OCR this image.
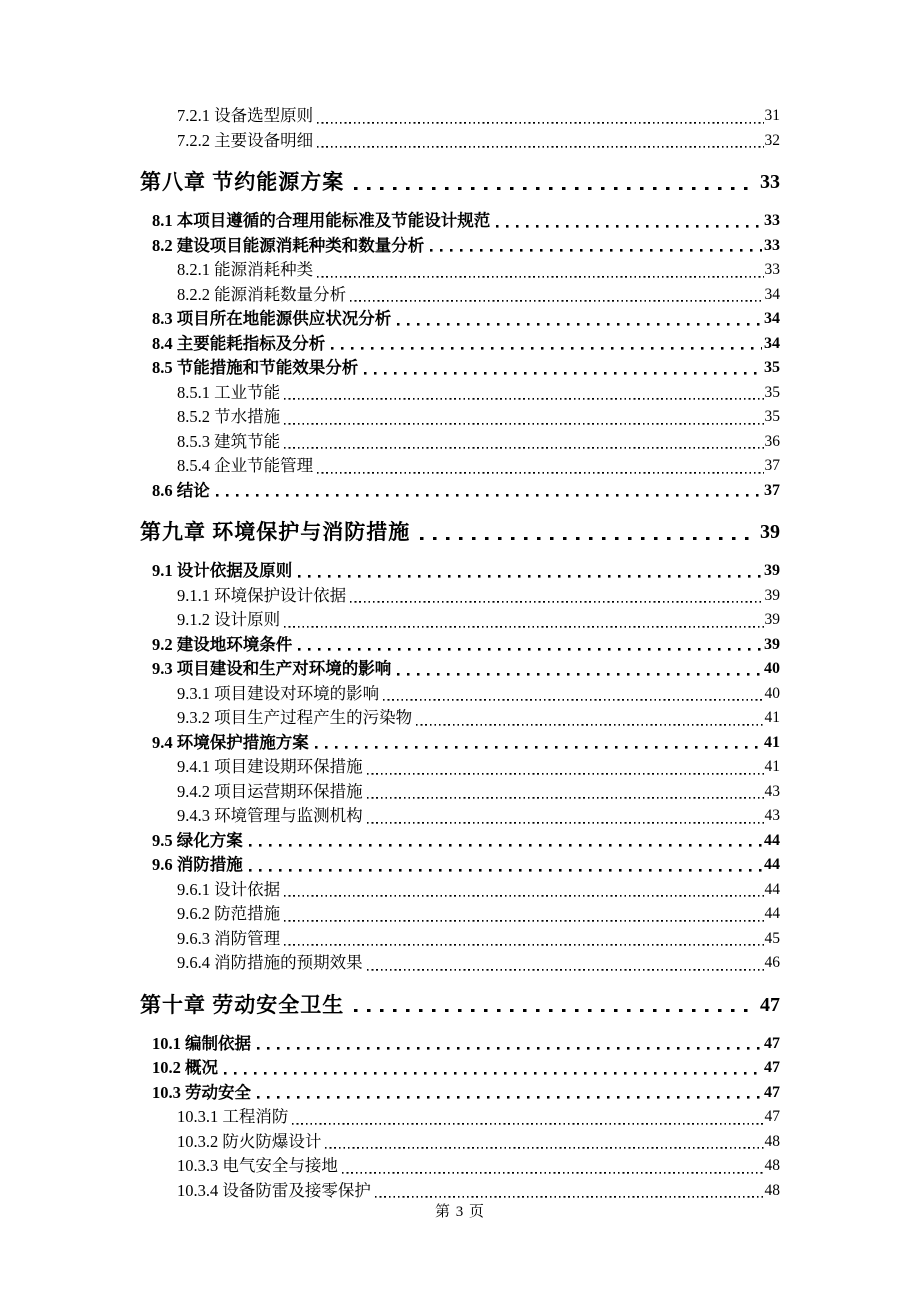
7.2.1 设备选型原则	31
7.2.2 主要设备明细	32
第八章 节约能源方案	33
8.1 本项目遵循的合理用能标准及节能设计规范	33
8.2 建设项目能源消耗种类和数量分析	33
8.2.1 能源消耗种类	33
8.2.2 能源消耗数量分析	34
8.3 项目所在地能源供应状况分析	34
8.4 主要能耗指标及分析	34
8.5 节能措施和节能效果分析	35
8.5.1 工业节能	35
8.5.2 节水措施	35
8.5.3 建筑节能	36
8.5.4 企业节能管理	37
8.6 结论	37
第九章 环境保护与消防措施	39
9.1 设计依据及原则	39
9.1.1 环境保护设计依据	39
9.1.2 设计原则	39
9.2 建设地环境条件	39
9.3 项目建设和生产对环境的影响	40
9.3.1 项目建设对环境的影响	40
9.3.2 项目生产过程产生的污染物	41
9.4 环境保护措施方案	41
9.4.1 项目建设期环保措施	41
9.4.2 项目运营期环保措施	43
9.4.3 环境管理与监测机构	43
9.5 绿化方案	44
9.6 消防措施	44
9.6.1 设计依据	44
9.6.2 防范措施	44
9.6.3 消防管理	45
9.6.4 消防措施的预期效果	46
第十章 劳动安全卫生	47
10.1 编制依据	47
10.2 概况	47
10.3 劳动安全	47
10.3.1 工程消防	47
10.3.2 防火防爆设计	48
10.3.3 电气安全与接地	48
10.3.4 设备防雷及接零保护	48
第 3 页
